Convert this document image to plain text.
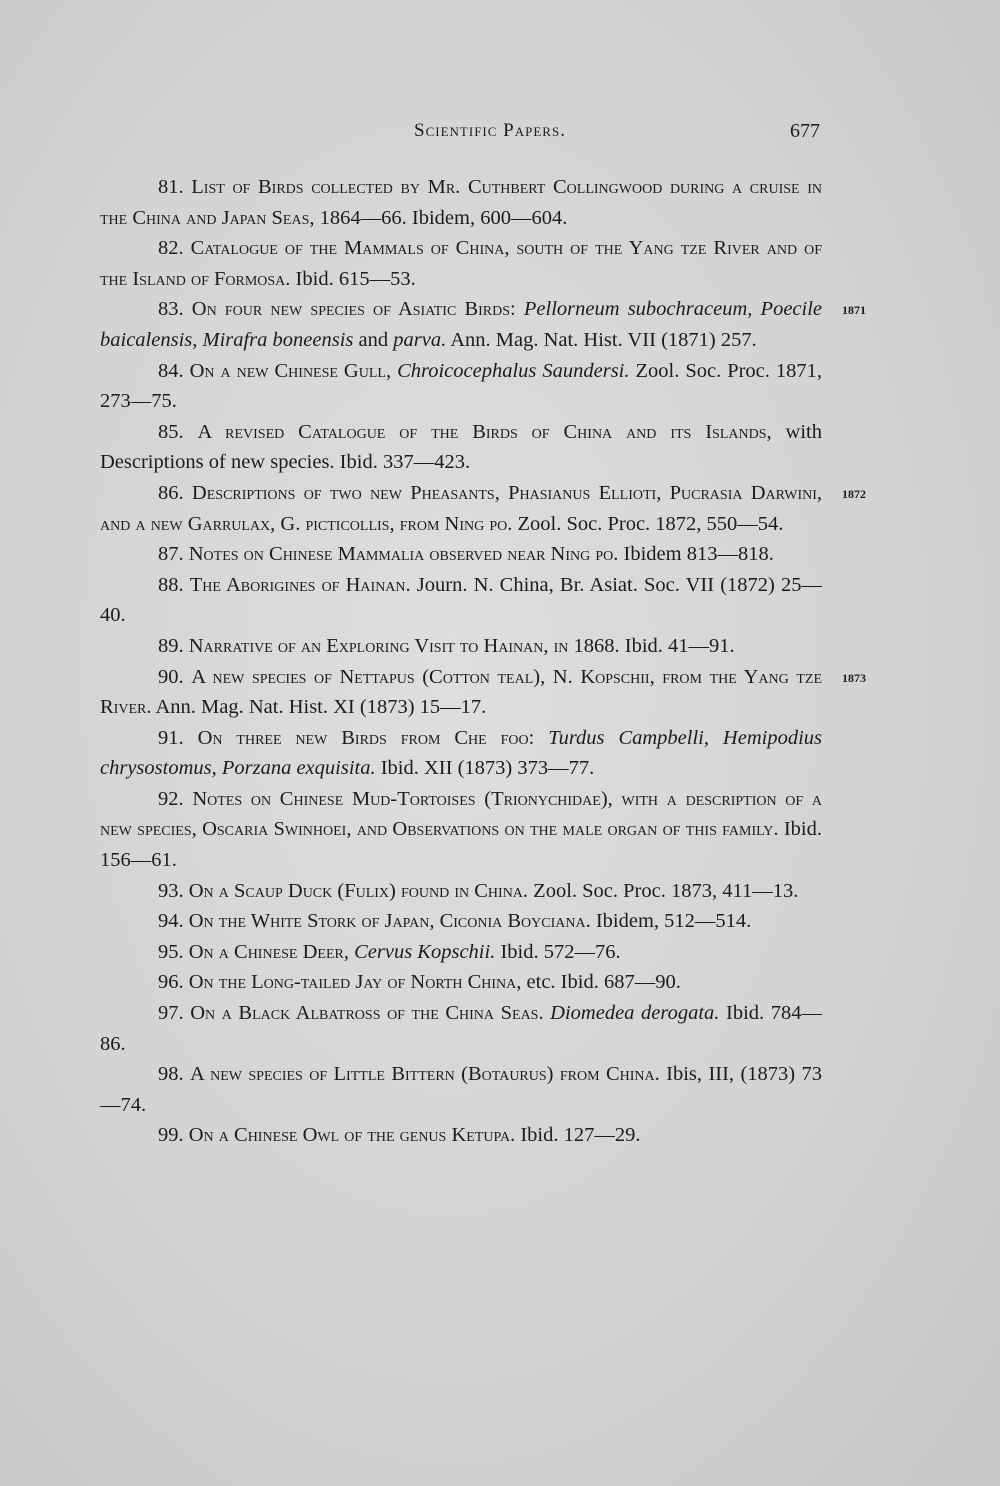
Scientific Papers.	677

81. List of Birds collected by Mr. Cuthbert Collingwood during a cruise in the China and Japan Seas, 1864—66. Ibidem, 600—604.

82. Catalogue of the Mammals of China, south of the Yang tze River and of the Island of Formosa. Ibid. 615—53.

1871
83. On four new species of Asiatic Birds: Pellorneum subochraceum, Poecile baicalensis, Mirafra boneensis and parva. Ann. Mag. Nat. Hist. VII (1871) 257.

84. On a new Chinese Gull, Chroicocephalus Saundersi. Zool. Soc. Proc. 1871, 273—75.

85. A revised Catalogue of the Birds of China and its Islands, with Descriptions of new species. Ibid. 337—423.

1872
86. Descriptions of two new Pheasants, Phasianus Ellioti, Pucrasia Darwini, and a new Garrulax, G. picticollis, from Ning po. Zool. Soc. Proc. 1872, 550—54.

87. Notes on Chinese Mammalia observed near Ning po. Ibidem 813—818.

88. The Aborigines of Hainan. Journ. N. China, Br. Asiat. Soc. VII (1872) 25—40.

89. Narrative of an Exploring Visit to Hainan, in 1868. Ibid. 41—91.

1873
90. A new species of Nettapus (Cotton teal), N. Kopschii, from the Yang tze River. Ann. Mag. Nat. Hist. XI (1873) 15—17.

91. On three new Birds from Che foo: Turdus Campbelli, Hemipodius chrysostomus, Porzana exquisita. Ibid. XII (1873) 373—77.

92. Notes on Chinese Mud-Tortoises (Trionychidae), with a description of a new species, Oscaria Swinhoei, and Observations on the male organ of this family. Ibid. 156—61.

93. On a Scaup Duck (Fulix) found in China. Zool. Soc. Proc. 1873, 411—13.

94. On the White Stork of Japan, Ciconia Boyciana. Ibidem, 512—514.

95. On a Chinese Deer, Cervus Kopschii. Ibid. 572—76.

96. On the Long-tailed Jay of North China, etc. Ibid. 687—90.

97. On a Black Albatross of the China Seas. Diomedea derogata. Ibid. 784—86.

98. A new species of Little Bittern (Botaurus) from China. Ibis, III, (1873) 73—74.

99. On a Chinese Owl of the genus Ketupa. Ibid. 127—29.
